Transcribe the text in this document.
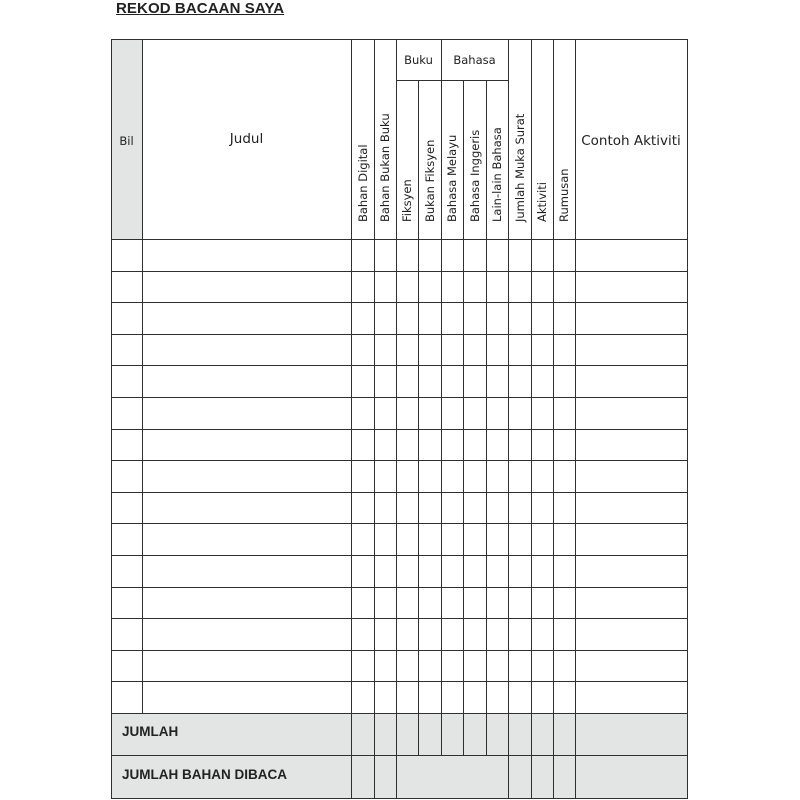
REKOD BACAAN SAYA
Bil	Judul	Contoh Aktiviti
Buku Bahasa
Bahan Digital Bahan Bukan Buku Fiksyen Bukan Fiksyen Bahasa Melayu Bahasa Inggeris Lain-lain Bahasa Jumlah Muka Surat Aktiviti Rumusan
JUMLAH
JUMLAH BAHAN DIBACA
